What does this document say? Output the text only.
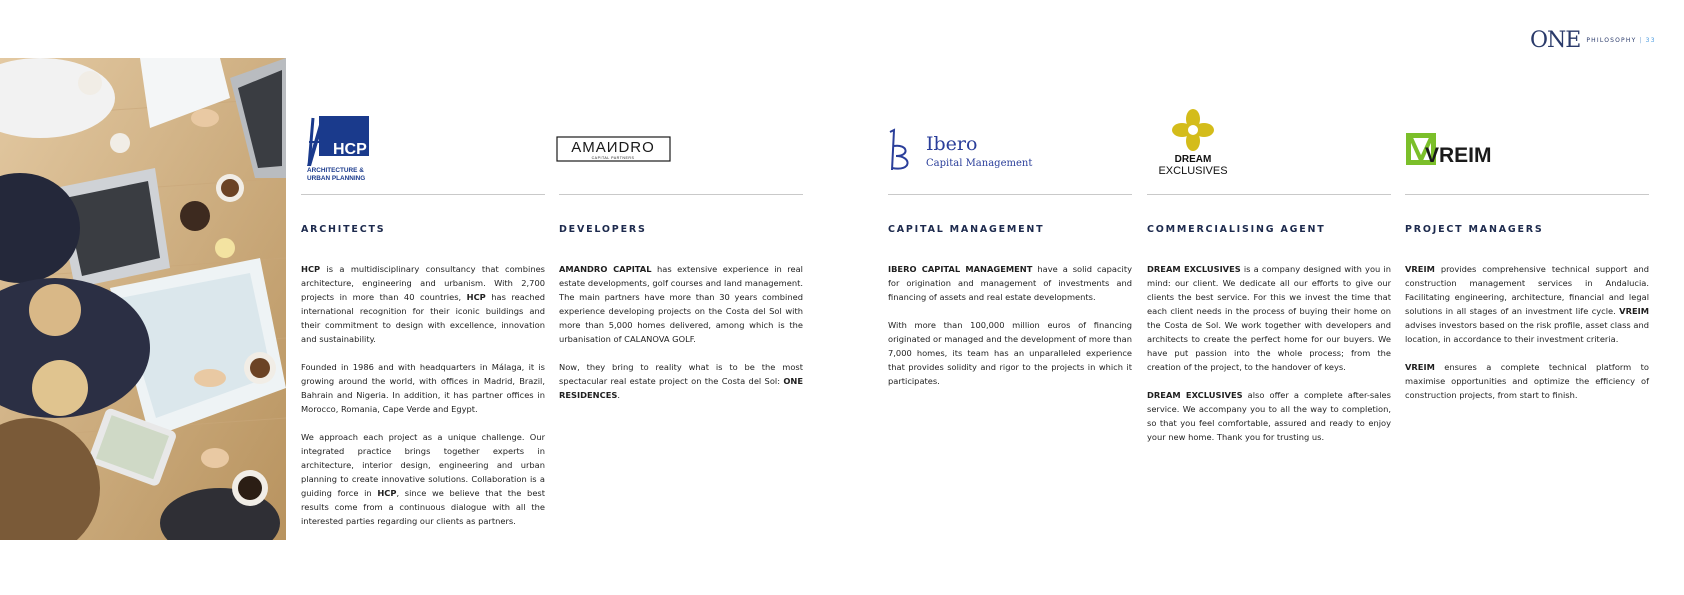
ONE PHILOSOPHY | 33
HCP
ARCHITECTURE &
URBAN PLANNING
ARCHITECTS

HCP is a multidisciplinary consultancy that combines architecture, engineering and urbanism. With 2,700 projects in more than 40 countries, HCP has reached international recognition for their iconic buildings and their commitment to design with excellence, innovation and sustainability.

Founded in 1986 and with headquarters in Málaga, it is growing around the world, with offices in Madrid, Brazil, Bahrain and Nigeria. In addition, it has partner offices in Morocco, Romania, Cape Verde and Egypt.

We approach each project as a unique challenge. Our integrated practice brings together experts in architecture, interior design, engineering and urban planning to create innovative solutions. Collaboration is a guiding force in HCP, since we believe that the best results come from a continuous dialogue with all the interested parties regarding our clients as partners.

AMAИDRO
CAPITAL PARTNERS
DEVELOPERS

AMANDRO CAPITAL has extensive experience in real estate developments, golf courses and land management. The main partners have more than 30 years combined experience developing projects on the Costa del Sol with more than 5,000 homes delivered, among which is the urbanisation of CALANOVA GOLF.

Now, they bring to reality what is to be the most spectacular real estate project on the Costa del Sol: ONE RESIDENCES.

Ibero
Capital Management
CAPITAL MANAGEMENT

IBERO CAPITAL MANAGEMENT have a solid capacity for origination and management of investments and financing of assets and real estate developments.

With more than 100,000 million euros of financing originated or managed and the development of more than 7,000 homes, its team has an unparalleled experience that provides solidity and rigor to the projects in which it participates.

DREAM
EXCLUSIVES
COMMERCIALISING AGENT

DREAM EXCLUSIVES is a company designed with you in mind: our client. We dedicate all our efforts to give our clients the best service. For this we invest the time that each client needs in the process of buying their home on the Costa de Sol. We work together with developers and architects to create the perfect home for our buyers. We have put passion into the whole process; from the creation of the project, to the handover of keys.

DREAM EXCLUSIVES also offer a complete after-sales service. We accompany you to all the way to completion, so that you feel comfortable, assured and ready to enjoy your new home. Thank you for trusting us.

VREIM
PROJECT MANAGERS

VREIM provides comprehensive technical support and construction management services in Andalucia. Facilitating engineering, architecture, financial and legal solutions in all stages of an investment life cycle. VREIM advises investors based on the risk profile, asset class and location, in accordance to their investment criteria.

VREIM ensures a complete technical platform to maximise opportunities and optimize the efficiency of construction projects, from start to finish.
